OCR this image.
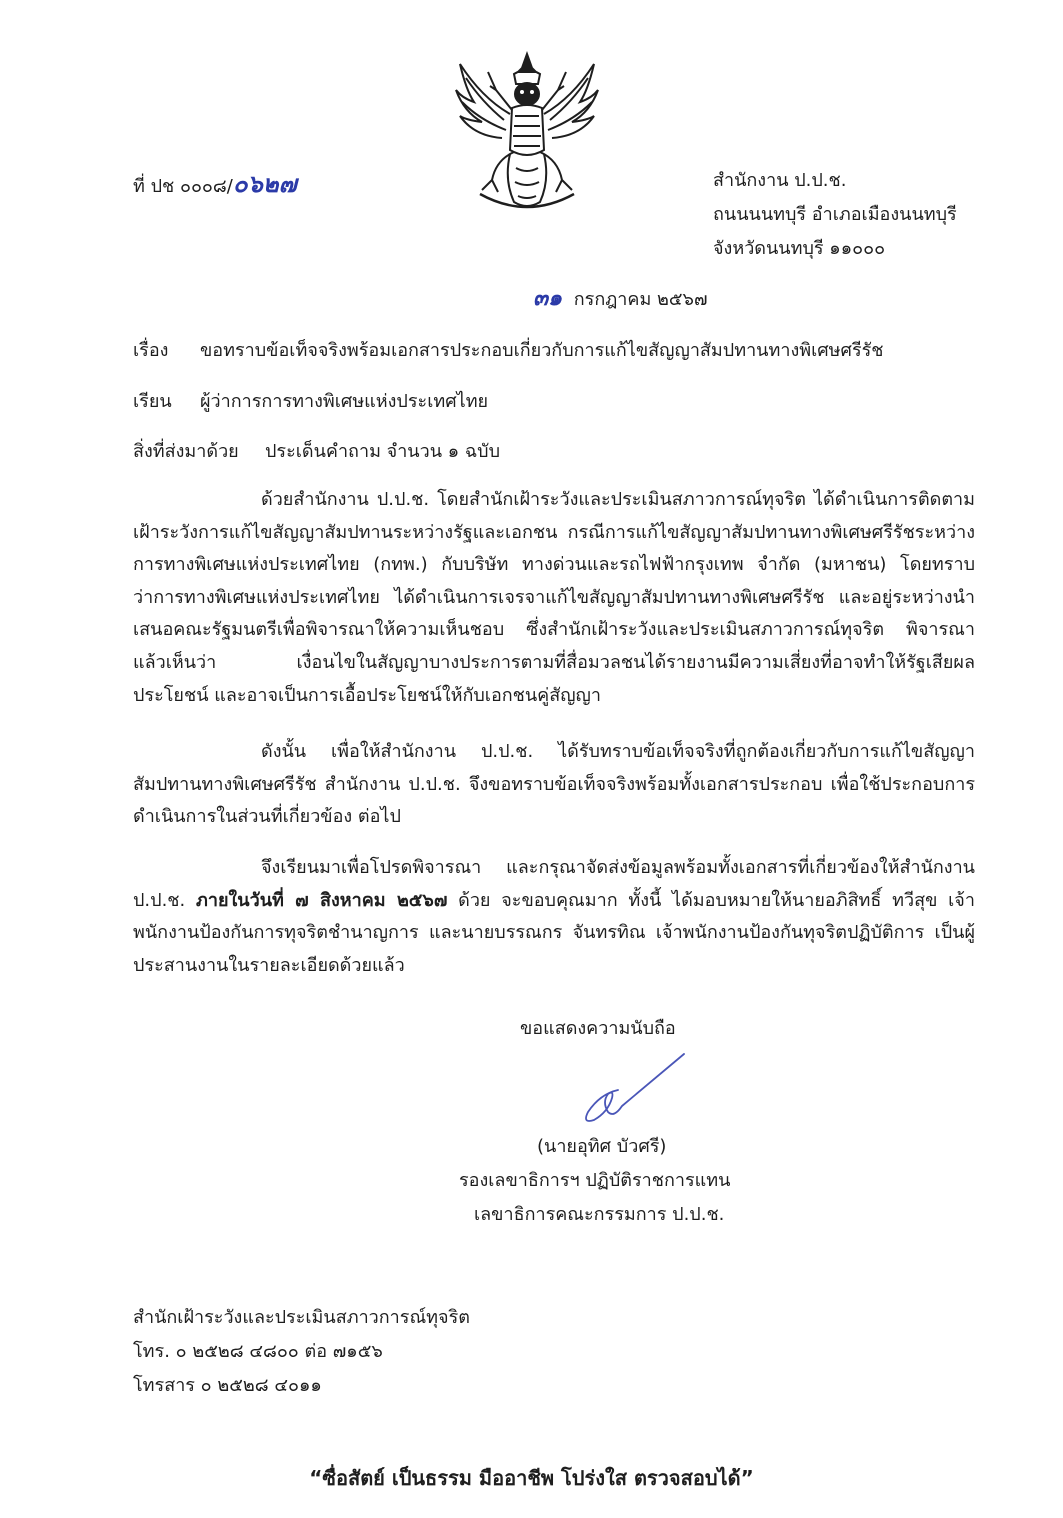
ที่ ปช ๐๐๐๘/๐๖๒๗	สำนักงาน ป.ป.ช.
ถนนนนทบุรี อำเภอเมืองนนทบุรี
จังหวัดนนทบุรี ๑๑๐๐๐
๓๑ กรกฎาคม ๒๕๖๗
เรื่อง ขอทราบข้อเท็จจริงพร้อมเอกสารประกอบเกี่ยวกับการแก้ไขสัญญาสัมปทานทางพิเศษศรีรัช
เรียน ผู้ว่าการการทางพิเศษแห่งประเทศไทย
สิ่งที่ส่งมาด้วย ประเด็นคำถาม จำนวน ๑ ฉบับ
ด้วยสำนักงาน ป.ป.ช. โดยสำนักเฝ้าระวังและประเมินสภาวการณ์ทุจริต ได้ดำเนินการติดตามเฝ้าระวังการแก้ไขสัญญาสัมปทานระหว่างรัฐและเอกชน กรณีการแก้ไขสัญญาสัมปทานทางพิเศษศรีรัชระหว่างการทางพิเศษแห่งประเทศไทย (กทพ.) กับบริษัท ทางด่วนและรถไฟฟ้ากรุงเทพ จำกัด (มหาชน) โดยทราบว่าการทางพิเศษแห่งประเทศไทย ได้ดำเนินการเจรจาแก้ไขสัญญาสัมปทานทางพิเศษศรีรัช และอยู่ระหว่างนำเสนอคณะรัฐมนตรีเพื่อพิจารณาให้ความเห็นชอบ ซึ่งสำนักเฝ้าระวังและประเมินสภาวการณ์ทุจริต พิจารณาแล้วเห็นว่า เงื่อนไขในสัญญาบางประการตามที่สื่อมวลชนได้รายงานมีความเสี่ยงที่อาจทำให้รัฐเสียผลประโยชน์ และอาจเป็นการเอื้อประโยชน์ให้กับเอกชนคู่สัญญา
ดังนั้น เพื่อให้สำนักงาน ป.ป.ช. ได้รับทราบข้อเท็จจริงที่ถูกต้องเกี่ยวกับการแก้ไขสัญญาสัมปทานทางพิเศษศรีรัช สำนักงาน ป.ป.ช. จึงขอทราบข้อเท็จจริงพร้อมทั้งเอกสารประกอบ เพื่อใช้ประกอบการดำเนินการในส่วนที่เกี่ยวข้อง ต่อไป
จึงเรียนมาเพื่อโปรดพิจารณา และกรุณาจัดส่งข้อมูลพร้อมทั้งเอกสารที่เกี่ยวข้องให้สำนักงาน ป.ป.ช. ภายในวันที่ ๗ สิงหาคม ๒๕๖๗ ด้วย จะขอบคุณมาก ทั้งนี้ ได้มอบหมายให้นายอภิสิทธิ์ ทวีสุข เจ้าพนักงานป้องกันการทุจริตชำนาญการ และนายบรรณกร จันทรทิณ เจ้าพนักงานป้องกันทุจริตปฏิบัติการ เป็นผู้ประสานงานในรายละเอียดด้วยแล้ว
ขอแสดงความนับถือ
(นายอุทิศ บัวศรี)
รองเลขาธิการฯ ปฏิบัติราชการแทน
เลขาธิการคณะกรรมการ ป.ป.ช.
สำนักเฝ้าระวังและประเมินสภาวการณ์ทุจริต
โทร. ๐ ๒๕๒๘ ๔๘๐๐ ต่อ ๗๑๕๖
โทรสาร ๐ ๒๕๒๘ ๔๐๑๑
“ซื่อสัตย์ เป็นธรรม มืออาชีพ โปร่งใส ตรวจสอบได้”
